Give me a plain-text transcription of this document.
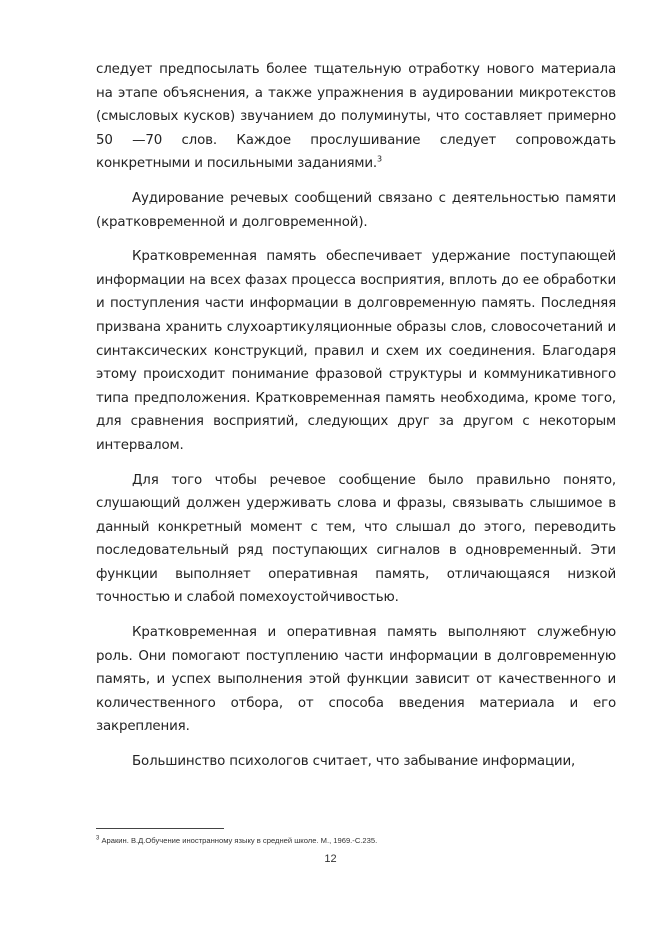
следует предпосылать более тщательную отработку нового материала на этапе объяснения, а также упражнения в аудировании микротекстов (смысловых кусков) звучанием до полуминуты, что составляет примерно 50 —70 слов. Каждое прослушивание следует сопровождать конкретными и посильными заданиями.$^3$

Аудирование речевых сообщений связано с деятельностью памяти (кратковременной и долговременной).

Кратковременная память обеспечивает удержание поступающей информации на всех фазах процесса восприятия, вплоть до ее обработки и поступления части информации в долговременную память. Последняя призвана хранить слухоартикуляционные образы слов, словосочетаний и синтаксических конструкций, правил и схем их соединения. Благодаря этому происходит понимание фразовой структуры и коммуникативного типа предположения. Кратковременная память необходима, кроме того, для сравнения восприятий, следующих друг за другом с некоторым интервалом.

Для того чтобы речевое сообщение было правильно понято, слушающий должен удерживать слова и фразы, связывать слышимое в данный конкретный момент с тем, что слышал до этого, переводить последовательный ряд поступающих сигналов в одновременный. Эти функции выполняет оперативная память, отличающаяся низкой точностью и слабой помехоустойчивостью.

Кратковременная и оперативная память выполняют служебную роль. Они помогают поступлению части информации в долговременную память, и успех выполнения этой функции зависит от качественного и количественного отбора, от способа введения материала и его закрепления.

Большинство психологов считает, что забывание информации,

$^3$ Аракин. В.Д.Обучение иностранному языку в средней школе. М., 1969.-С.235.
12
